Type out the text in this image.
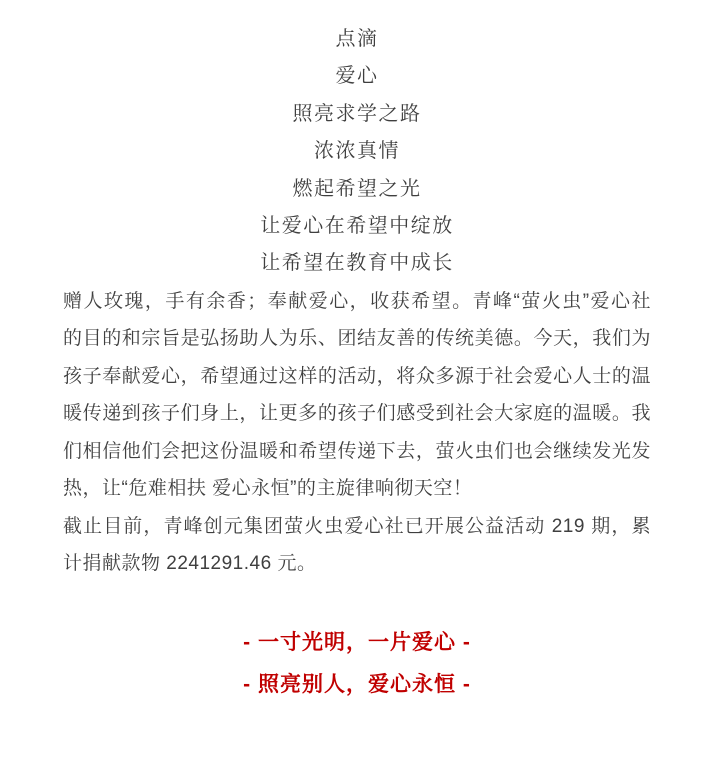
点滴
爱心
照亮求学之路
浓浓真情
燃起希望之光
让爱心在希望中绽放
让希望在教育中成长
赠人玫瑰，手有余香；奉献爱心，收获希望。青峰“萤火虫”爱心社
的目的和宗旨是弘扬助人为乐、团结友善的传统美德。今天，我们为
孩子奉献爱心，希望通过这样的活动，将众多源于社会爱心人士的温
暖传递到孩子们身上，让更多的孩子们感受到社会大家庭的温暖。我
们相信他们会把这份温暖和希望传递下去，萤火虫们也会继续发光发
热，让“危难相扶 爱心永恒”的主旋律响彻天空！
截止目前，青峰创元集团萤火虫爱心社已开展公益活动 219 期，累
计捐献款物 2241291.46 元。
- 一寸光明，一片爱心 -
- 照亮别人，爱心永恒 -
